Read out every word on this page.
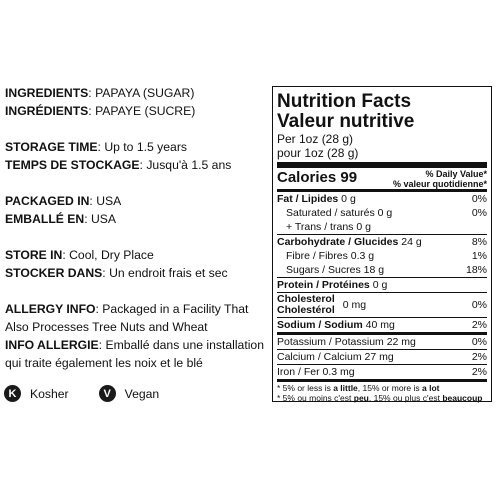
INGREDIENTS: PAPAYA (SUGAR)
INGRÉDIENTS: PAPAYE (SUCRE)
STORAGE TIME: Up to 1.5 years
TEMPS DE STOCKAGE: Jusqu'à 1.5 ans
PACKAGED IN: USA
EMBALLÉ EN: USA
STORE IN: Cool, Dry Place
STOCKER DANS: Un endroit frais et sec
ALLERGY INFO: Packaged in a Facility That Also Processes Tree Nuts and Wheat
INFO ALLERGIE: Emballé dans une installation qui traite également les noix et le blé
K	Kosher	V	Vegan
Nutrition Facts
Valeur nutritive
Per 1oz (28 g)
pour 1oz (28 g)
Calories 99	% Daily Value*
% valeur quotidienne*
Fat / Lipides 0 g	0%
Saturated / saturés 0 g	0%
+ Trans / trans 0 g
Carbohydrate / Glucides 24 g	8%
Fibre / Fibres 0.3 g	1%
Sugars / Sucres 18 g	18%
Protein / Protéines 0 g
Cholesterol
Cholestérol 0 mg	0%
Sodium / Sodium 40 mg	2%
Potassium / Potassium 22 mg	0%
Calcium / Calcium 27 mg	2%
Iron / Fer 0.3 mg	2%
* 5% or less is a little, 15% or more is a lot
* 5% ou moins c'est peu, 15% ou plus c'est beaucoup
